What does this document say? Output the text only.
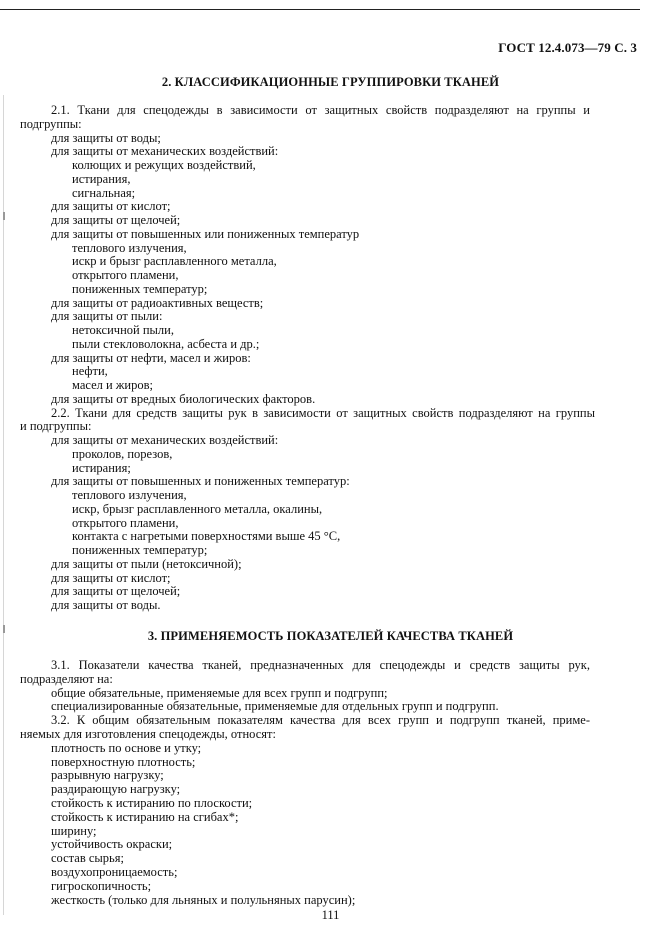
ГОСТ 12.4.073—79 С. 3
2. КЛАССИФИКАЦИОННЫЕ ГРУППИРОВКИ ТКАНЕЙ
2.1. Ткани для спецодежды в зависимости от защитных свойств подразделяют на группы и
подгруппы:
для защиты от воды;
для защиты от механических воздействий:
колющих и режущих воздействий,
истирания,
сигнальная;
для защиты от кислот;
для защиты от щелочей;
для защиты от повышенных или пониженных температур
теплового излучения,
искр и брызг расплавленного металла,
открытого пламени,
пониженных температур;
для защиты от радиоактивных веществ;
для защиты от пыли:
нетоксичной пыли,
пыли стекловолокна, асбеста и др.;
для защиты от нефти, масел и жиров:
нефти,
масел и жиров;
для защиты от вредных биологических факторов.
2.2. Ткани для средств защиты рук в зависимости от защитных свойств подразделяют на группы
и подгруппы:
для защиты от механических воздействий:
проколов, порезов,
истирания;
для защиты от повышенных и пониженных температур:
теплового излучения,
искр, брызг расплавленного металла, окалины,
открытого пламени,
контакта с нагретыми поверхностями выше 45 °С,
пониженных температур;
для защиты от пыли (нетоксичной);
для защиты от кислот;
для защиты от щелочей;
для защиты от воды.
3. ПРИМЕНЯЕМОСТЬ ПОКАЗАТЕЛЕЙ КАЧЕСТВА ТКАНЕЙ
3.1. Показатели качества тканей, предназначенных для спецодежды и средств защиты рук,
подразделяют на:
общие обязательные, применяемые для всех групп и подгрупп;
специализированные обязательные, применяемые для отдельных групп и подгрупп.
3.2. К общим обязательным показателям качества для всех групп и подгрупп тканей, приме-
няемых для изготовления спецодежды, относят:
плотность по основе и утку;
поверхностную плотность;
разрывную нагрузку;
раздирающую нагрузку;
стойкость к истиранию по плоскости;
стойкость к истиранию на сгибах*;
ширину;
устойчивость окраски;
состав сырья;
воздухопроницаемость;
гигроскопичность;
жесткость (только для льняных и полульняных парусин);
111
